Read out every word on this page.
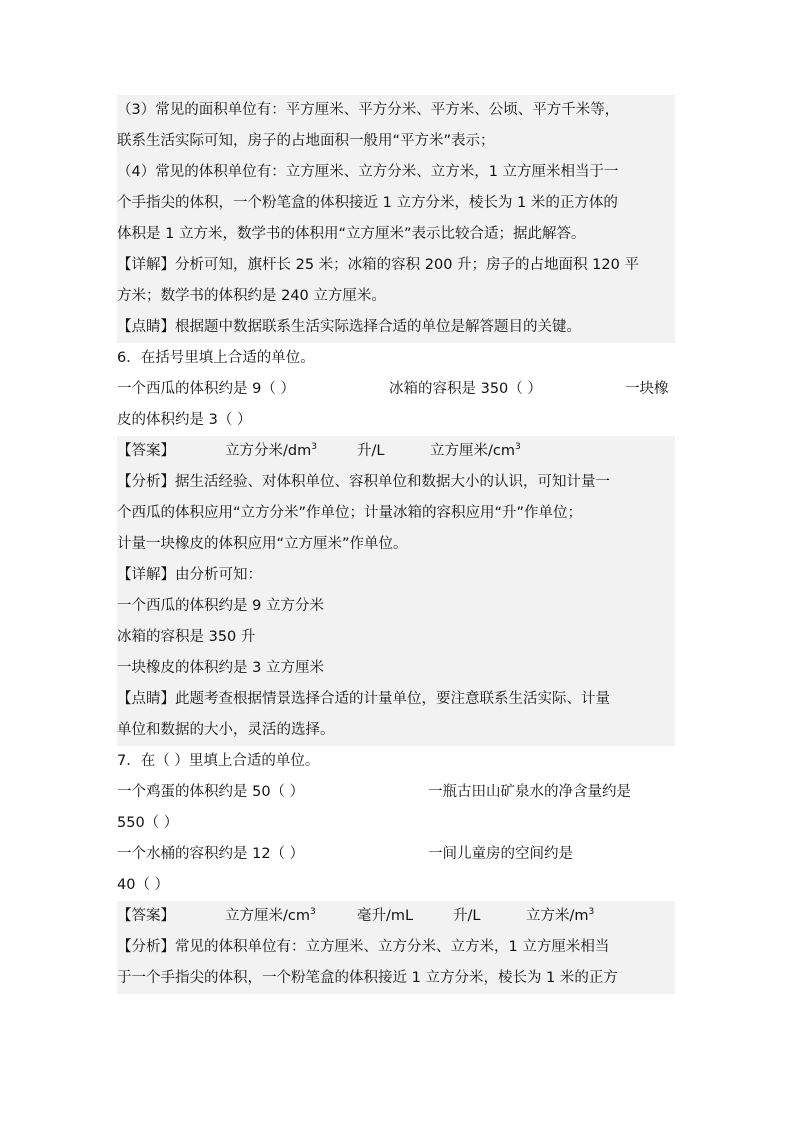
（3）常见的面积单位有：平方厘米、平方分米、平方米、公顷、平方千米等，
联系生活实际可知，房子的占地面积一般用“平方米”表示；
（4）常见的体积单位有：立方厘米、立方分米、立方米，1 立方厘米相当于一
个手指尖的体积，一个粉笔盒的体积接近 1 立方分米，棱长为 1 米的正方体的
体积是 1 立方米，数学书的体积用“立方厘米”表示比较合适；据此解答。
【详解】分析可知，旗杆长 25 米；冰箱的容积 200 升；房子的占地面积 120 平
方米；数学书的体积约是 240 立方厘米。
【点睛】根据题中数据联系生活实际选择合适的单位是解答题目的关键。
6．在括号里填上合适的单位。
一个西瓜的体积约是 9（ ）	冰箱的容积是 350（ ）	一块橡
皮的体积约是 3（ ）
【答案】	立方分米$/dm^3$	升/L	立方厘米$/cm^3$
【分析】据生活经验、对体积单位、容积单位和数据大小的认识，可知计量一
个西瓜的体积应用“立方分米”作单位；计量冰箱的容积应用“升”作单位；
计量一块橡皮的体积应用“立方厘米”作单位。
【详解】由分析可知：
一个西瓜的体积约是 9 立方分米
冰箱的容积是 350 升
一块橡皮的体积约是 3 立方厘米
【点睛】此题考查根据情景选择合适的计量单位，要注意联系生活实际、计量
单位和数据的大小，灵活的选择。
7．在（ ）里填上合适的单位。
一个鸡蛋的体积约是 50（ ）	一瓶古田山矿泉水的净含量约是
550（ ）
一个水桶的容积约是 12（ ）	一间儿童房的空间约是
40（ ）
【答案】	立方厘米$/cm^3$	毫升/mL	升/L	立方米$/m^3$
【分析】常见的体积单位有：立方厘米、立方分米、立方米，1 立方厘米相当
于一个手指尖的体积，一个粉笔盒的体积接近 1 立方分米，棱长为 1 米的正方
